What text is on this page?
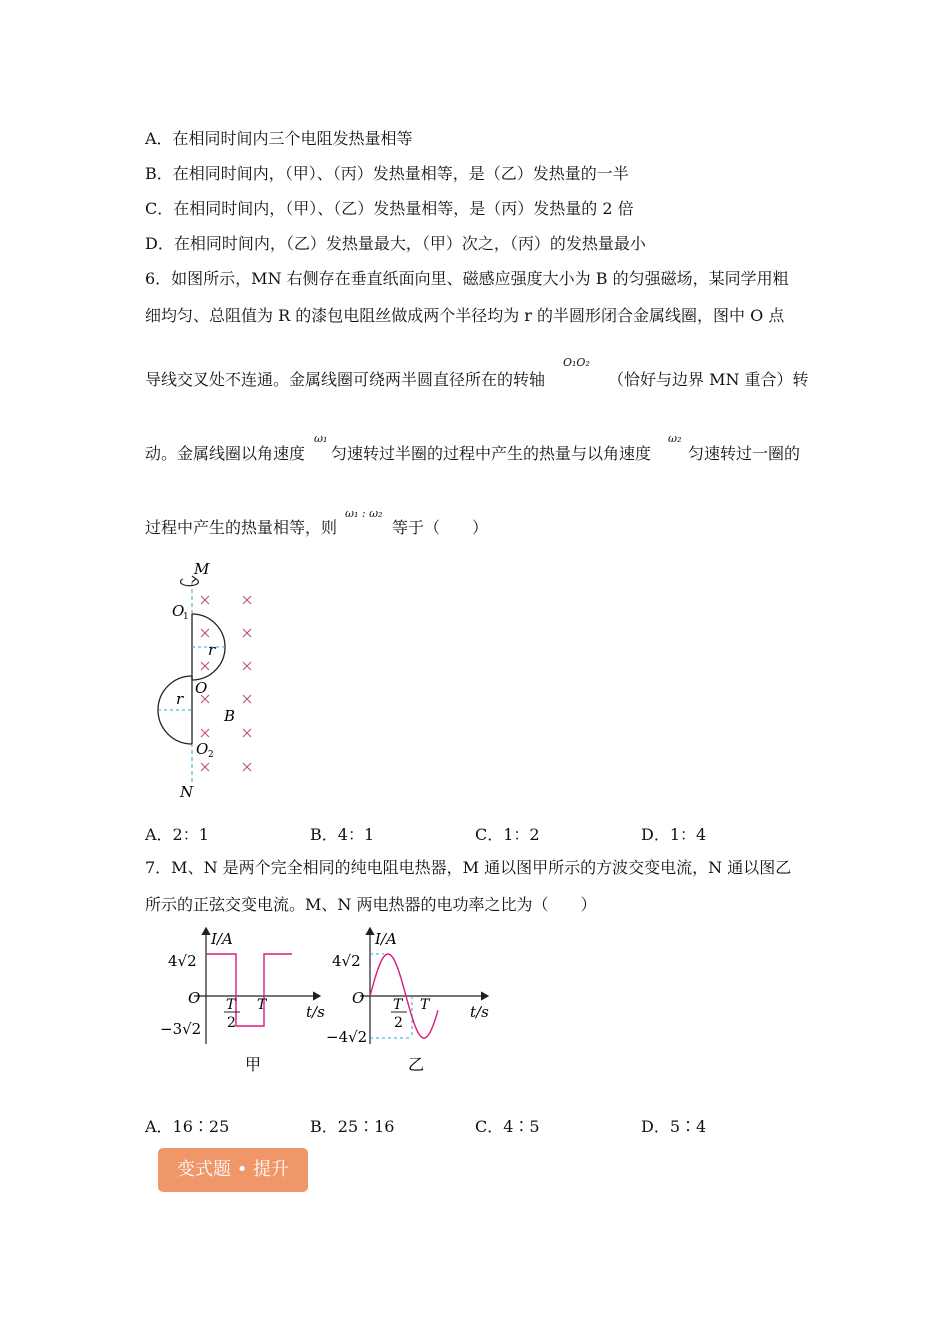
A．在相同时间内三个电阻发热量相等
B．在相同时间内，（甲）、（丙）发热量相等，是（乙）发热量的一半
C．在相同时间内，（甲）、（乙）发热量相等，是（丙）发热量的 2 倍
D．在相同时间内，（乙）发热量最大，（甲）次之，（丙）的发热量最小
6．如图所示，MN 右侧存在垂直纸面向里、磁感应强度大小为 B 的匀强磁场，某同学用粗
细均匀、总阻值为 R 的漆包电阻丝做成两个半径均为 r 的半圆形闭合金属线圈，图中 O 点
导线交叉处不连通。金属线圈可绕两半圆直径所在的转轴
O₁O₂
（恰好与边界 MN 重合）转
动。金属线圈以角速度
ω₁
匀速转过半圈的过程中产生的热量与以角速度
ω₂
匀速转过一圈的
过程中产生的热量相等，则
ω₁ : ω₂
等于（　　）
M
O
1
r
O
r
B
O 2
N
A．2：1	B．4：1	C．1：2	D．1：4
7．M、N 是两个完全相同的纯电阻电热器，M 通以图甲所示的方波交变电流，N 通以图乙
所示的正弦交变电流。M、N 两电热器的电功率之比为（　　）
I/A
t/s
O
4√2
−3√2
T
2
T
甲
I/A
t/s
O
4√2
−4√2
T
2
T
乙
A．16∶25	B．25∶16	C．4∶5	D．5∶4
变式题 • 提升
